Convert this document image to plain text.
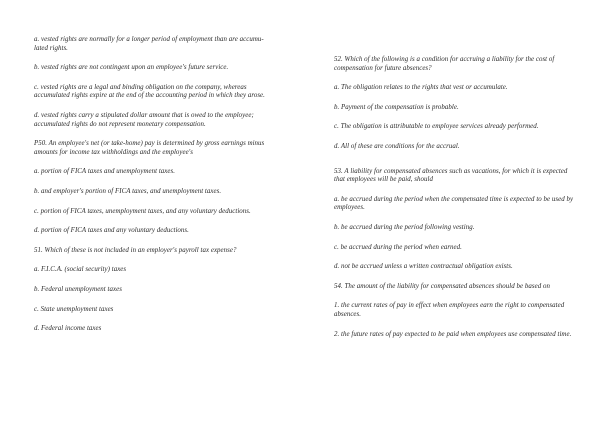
a. vested rights are normally for a longer period of employment than are accumu-lated rights.

b. vested rights are not contingent upon an employee's future service.

c. vested rights are a legal and binding obligation on the company, whereas accumulated rights expire at the end of the accounting period in which they arose.

d. vested rights carry a stipulated dollar amount that is owed to the employee; accumulated rights do not represent monetary compensation.

P50. An employee's net (or take-home) pay is determined by gross earnings minus amounts for income tax withholdings and the employee's

a. portion of FICA taxes and unemployment taxes.

b. and employer's portion of FICA taxes, and unemployment taxes.

c. portion of FICA taxes, unemployment taxes, and any voluntary deductions.

d. portion of FICA taxes and any voluntary deductions.

51. Which of these is not included in an employer's payroll tax expense?

a. F.I.C.A. (social security) taxes

b. Federal unemployment taxes

c. State unemployment taxes

d. Federal income taxes

52. Which of the following is a condition for accruing a liability for the cost of compensation for future absences?

a. The obligation relates to the rights that vest or accumulate.

b. Payment of the compensation is probable.

c. The obligation is attributable to employee services already performed.

d. All of these are conditions for the accrual.

53. A liability for compensated absences such as vacations, for which it is expected that employees will be paid, should

a. be accrued during the period when the compensated time is expected to be used by employees.

b. be accrued during the period following vesting.

c. be accrued during the period when earned.

d. not be accrued unless a written contractual obligation exists.

54. The amount of the liability for compensated absences should be based on

1. the current rates of pay in effect when employees earn the right to compensated absences.

2. the future rates of pay expected to be paid when employees use compensated time.
